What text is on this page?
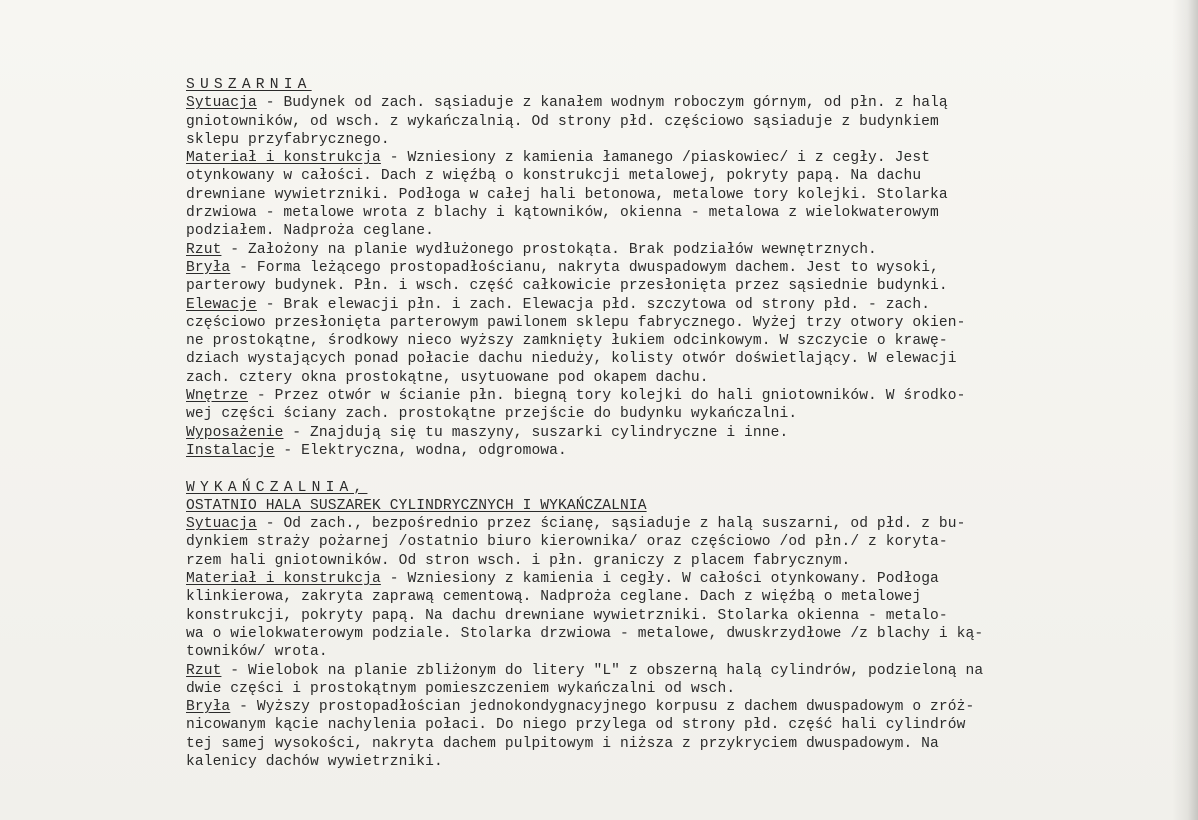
SUSZARNIA
Sytuacja - Budynek od zach. sąsiaduje z kanałem wodnym roboczym górnym, od płn. z halą
gniotowników, od wsch. z wykańczalnią. Od strony płd. częściowo sąsiaduje z budynkiem
sklepu przyfabrycznego.
Materiał i konstrukcja - Wzniesiony z kamienia łamanego /piaskowiec/ i z cegły. Jest
otynkowany w całości. Dach z więźbą o konstrukcji metalowej, pokryty papą. Na dachu
drewniane wywietrzniki. Podłoga w całej hali betonowa, metalowe tory kolejki. Stolarka
drzwiowa - metalowe wrota z blachy i kątowników, okienna - metalowa z wielokwaterowym
podziałem. Nadproża ceglane.
Rzut - Założony na planie wydłużonego prostokąta. Brak podziałów wewnętrznych.
Bryła - Forma leżącego prostopadłościanu, nakryta dwuspadowym dachem. Jest to wysoki,
parterowy budynek. Płn. i wsch. część całkowicie przesłonięta przez sąsiednie budynki.
Elewacje - Brak elewacji płn. i zach. Elewacja płd. szczytowa od strony płd. - zach.
częściowo przesłonięta parterowym pawilonem sklepu fabrycznego. Wyżej trzy otwory okien-
ne prostokątne, środkowy nieco wyższy zamknięty łukiem odcinkowym. W szczycie o krawę-
dziach wystających ponad połacie dachu nieduży, kolisty otwór doświetlający. W elewacji
zach. cztery okna prostokątne, usytuowane pod okapem dachu.
Wnętrze - Przez otwór w ścianie płn. biegną tory kolejki do hali gniotowników. W środko-
wej części ściany zach. prostokątne przejście do budynku wykańczalni.
Wyposażenie - Znajdują się tu maszyny, suszarki cylindryczne i inne.
Instalacje - Elektryczna, wodna, odgromowa.
WYKAŃCZALNIA,
OSTATNIO HALA SUSZAREK CYLINDRYCZNYCH I WYKAŃCZALNIA
Sytuacja - Od zach., bezpośrednio przez ścianę, sąsiaduje z halą suszarni, od płd. z bu-
dynkiem straży pożarnej /ostatnio biuro kierownika/ oraz częściowo /od płn./ z koryta-
rzem hali gniotowników. Od stron wsch. i płn. graniczy z placem fabrycznym.
Materiał i konstrukcja - Wzniesiony z kamienia i cegły. W całości otynkowany. Podłoga
klinkierowa, zakryta zaprawą cementową. Nadproża ceglane. Dach z więźbą o metalowej
konstrukcji, pokryty papą. Na dachu drewniane wywietrzniki. Stolarka okienna - metalo-
wa o wielokwaterowym podziale. Stolarka drzwiowa - metalowe, dwuskrzydłowe /z blachy i ką-
towników/ wrota.
Rzut - Wielobok na planie zbliżonym do litery "L" z obszerną halą cylindrów, podzieloną na
dwie części i prostokątnym pomieszczeniem wykańczalni od wsch.
Bryła - Wyższy prostopadłościan jednokondygnacyjnego korpusu z dachem dwuspadowym o zróż-
nicowanym kącie nachylenia połaci. Do niego przylega od strony płd. część hali cylindrów
tej samej wysokości, nakryta dachem pulpitowym i niższa z przykryciem dwuspadowym. Na
kalenicy dachów wywietrzniki.
